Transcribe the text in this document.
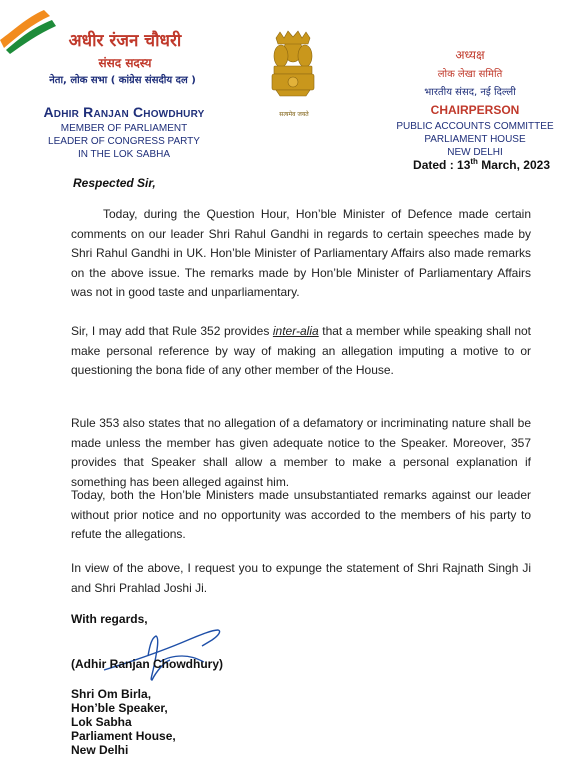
अधीर रंजन चौधरी
संसद सदस्य
नेता, लोक सभा ( कांग्रेस संसदीय दल )
Adhir Ranjan Chowdhury
MEMBER OF PARLIAMENT
LEADER OF CONGRESS PARTY
IN THE LOK SABHA
सत्यमेव जयते
अध्यक्ष
लोक लेखा समिति
भारतीय संसद, नई दिल्ली
CHAIRPERSON
PUBLIC ACCOUNTS COMMITTEE
PARLIAMENT HOUSE
NEW DELHI
Dated : 13th March, 2023
Respected Sir,
Today, during the Question Hour, Hon’ble Minister of Defence made certain comments on our leader Shri Rahul Gandhi in regards to certain speeches made by Shri Rahul Gandhi in UK. Hon’ble Minister of Parliamentary Affairs also made remarks on the above issue. The remarks made by Hon’ble Minister of Parliamentary Affairs was not in good taste and unparliamentary.
Sir, I may add that Rule 352 provides inter-alia that a member while speaking shall not make personal reference by way of making an allegation imputing a motive to or questioning the bona fide of any other member of the House.
Rule 353 also states that no allegation of a defamatory or incriminating nature shall be made unless the member has given adequate notice to the Speaker. Moreover, 357 provides that Speaker shall allow a member to make a personal explanation if something has been alleged against him.
Today, both the Hon’ble Ministers made unsubstantiated remarks against our leader without prior notice and no opportunity was accorded to the members of his party to refute the allegations.
In view of the above, I request you to expunge the statement of Shri Rajnath Singh Ji and Shri Prahlad Joshi Ji.
With regards,
(Adhir Ranjan Chowdhury)
Shri Om Birla,
Hon’ble Speaker,
Lok Sabha
Parliament House,
New Delhi
